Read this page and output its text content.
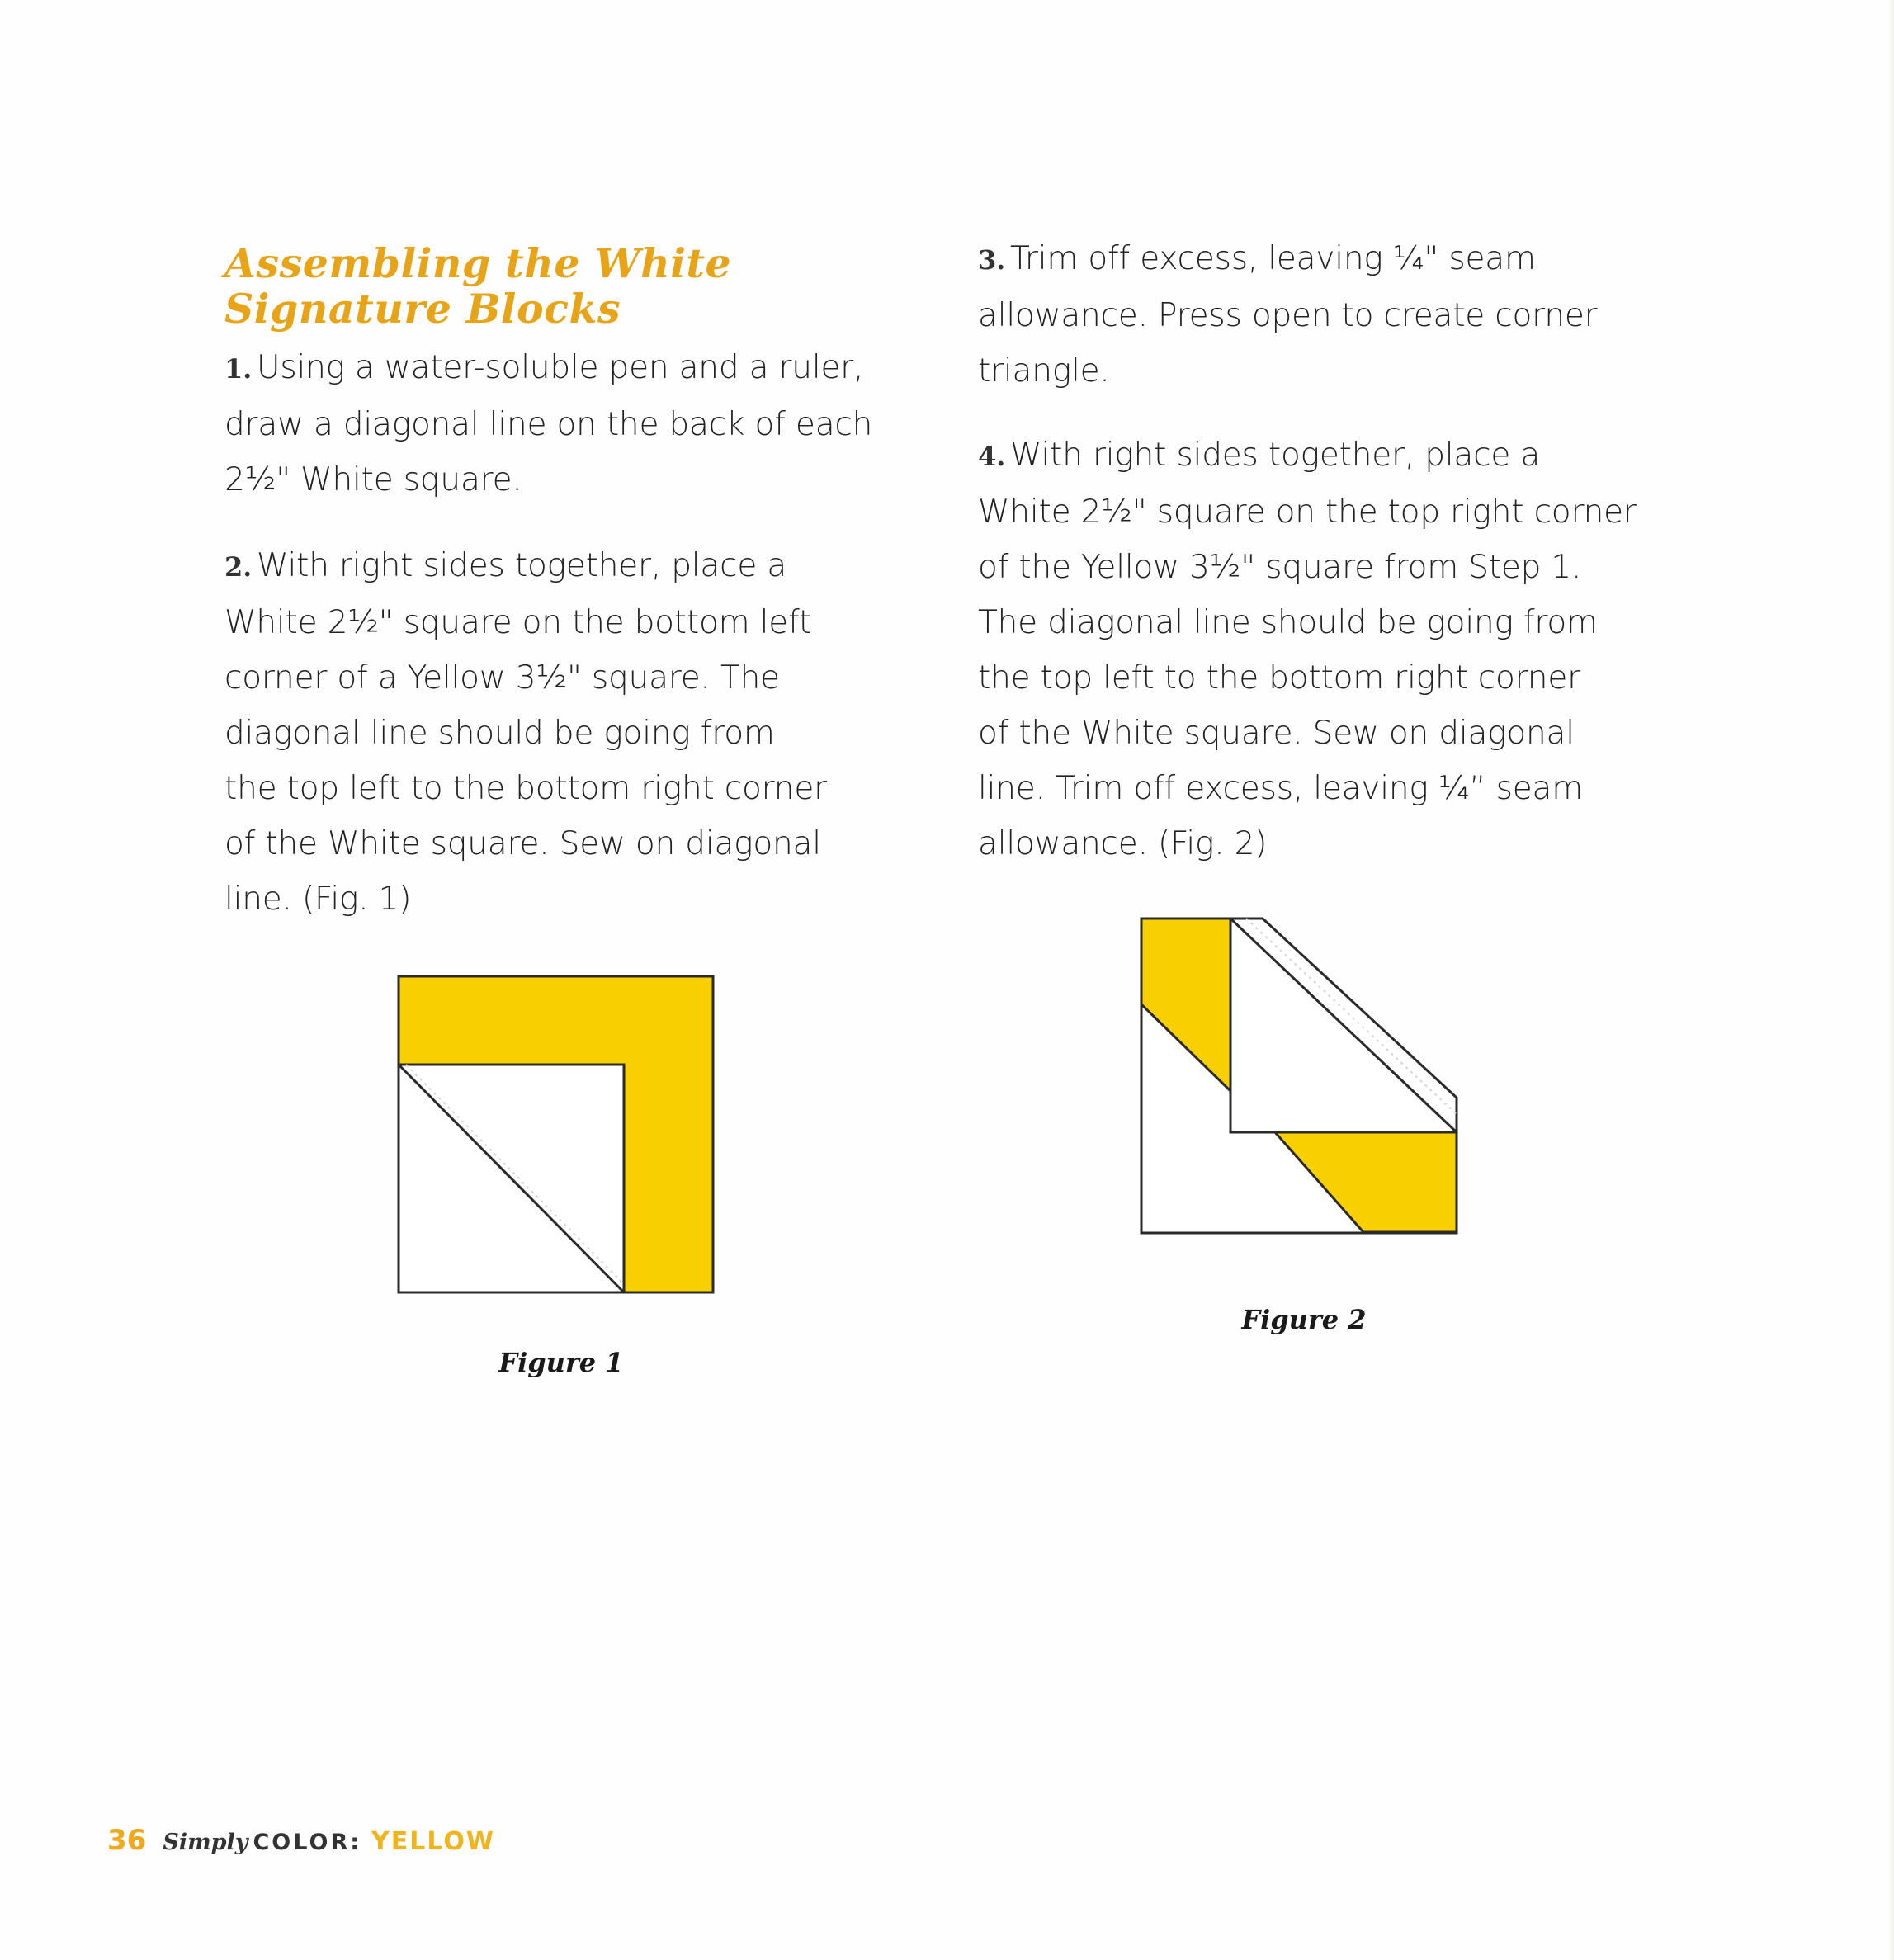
Assembling the White
Signature Blocks
1. Using a water-soluble pen and a ruler,
draw a diagonal line on the back of each
2½" White square.
2. With right sides together, place a
White 2½" square on the bottom left
corner of a Yellow 3½" square. The
diagonal line should be going from
the top left to the bottom right corner
of the White square. Sew on diagonal
line. (Fig. 1)
3. Trim off excess, leaving ¼" seam
allowance. Press open to create corner
triangle.
4. With right sides together, place a
White 2½" square on the top right corner
of the Yellow 3½" square from Step 1.
The diagonal line should be going from
the top left to the bottom right corner
of the White square. Sew on diagonal
line. Trim off excess, leaving ¼” seam
allowance. (Fig. 2)
Figure 1
Figure 2
36 Simply COLOR: YELLOW
